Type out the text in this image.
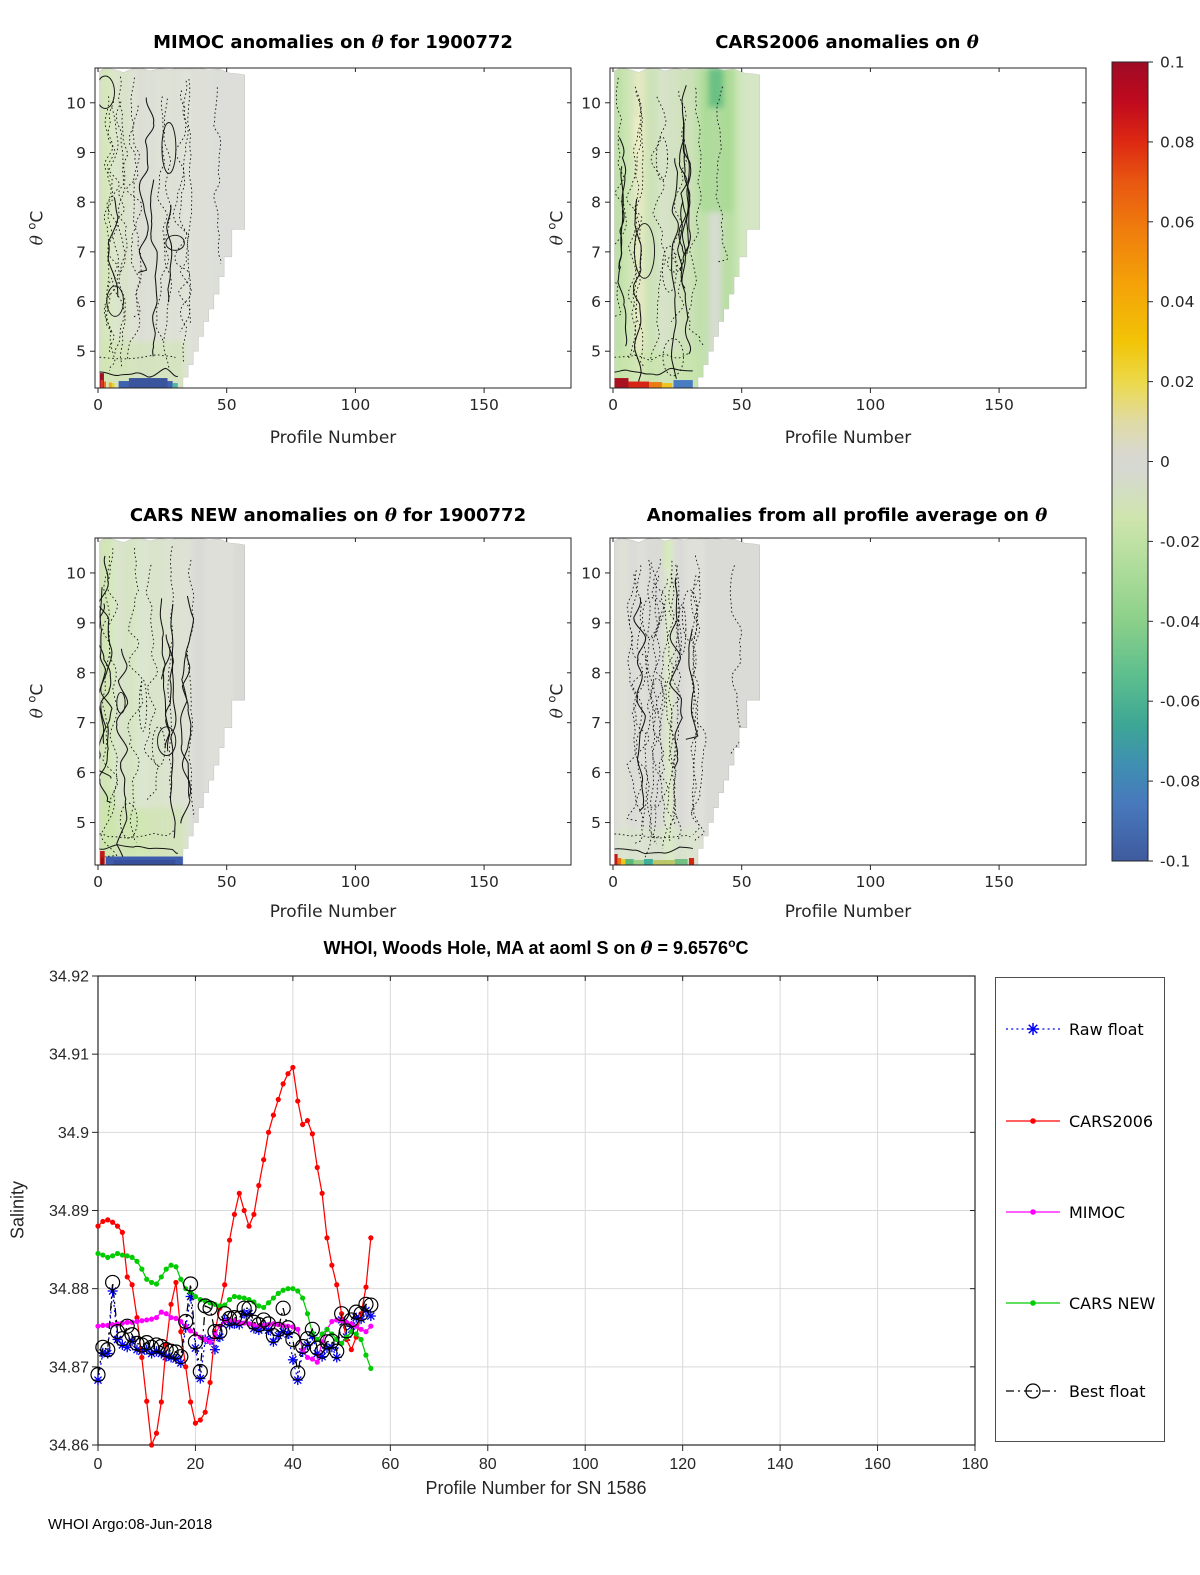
0	50	100	150
5
6
7
8
9
10
0	50	100	150
5
6
7
8
9
10
0	50	100	150
5
6
7
8
9
10
0	50	100	150
5
6
7
8
9
10
0.1
0.08
0.06
0.04
0.02
0
-0.02
-0.04
-0.06
-0.08
-0.1
MIMOC anomalies on θ for 1900772	CARS2006 anomalies on θ
CARS NEW anomalies on θ for 1900772	Anomalies from all profile average on θ
θ $^o$C
θ $^o$C
θ $^o$C
θ $^o$C
Profile Number	Profile Number
Profile Number	Profile Number
0	20	40	60	80	100	120	140	160	180
34.86
34.87
34.88
34.89
34.9
34.91
34.92
WHOI, Woods Hole, MA at aoml S on $\theta = 9.6576^oC$
Salinity
Profile Number for SN 1586
Raw float
CARS2006
MIMOC
CARS NEW
Best float
WHOI Argo:08-Jun-2018
